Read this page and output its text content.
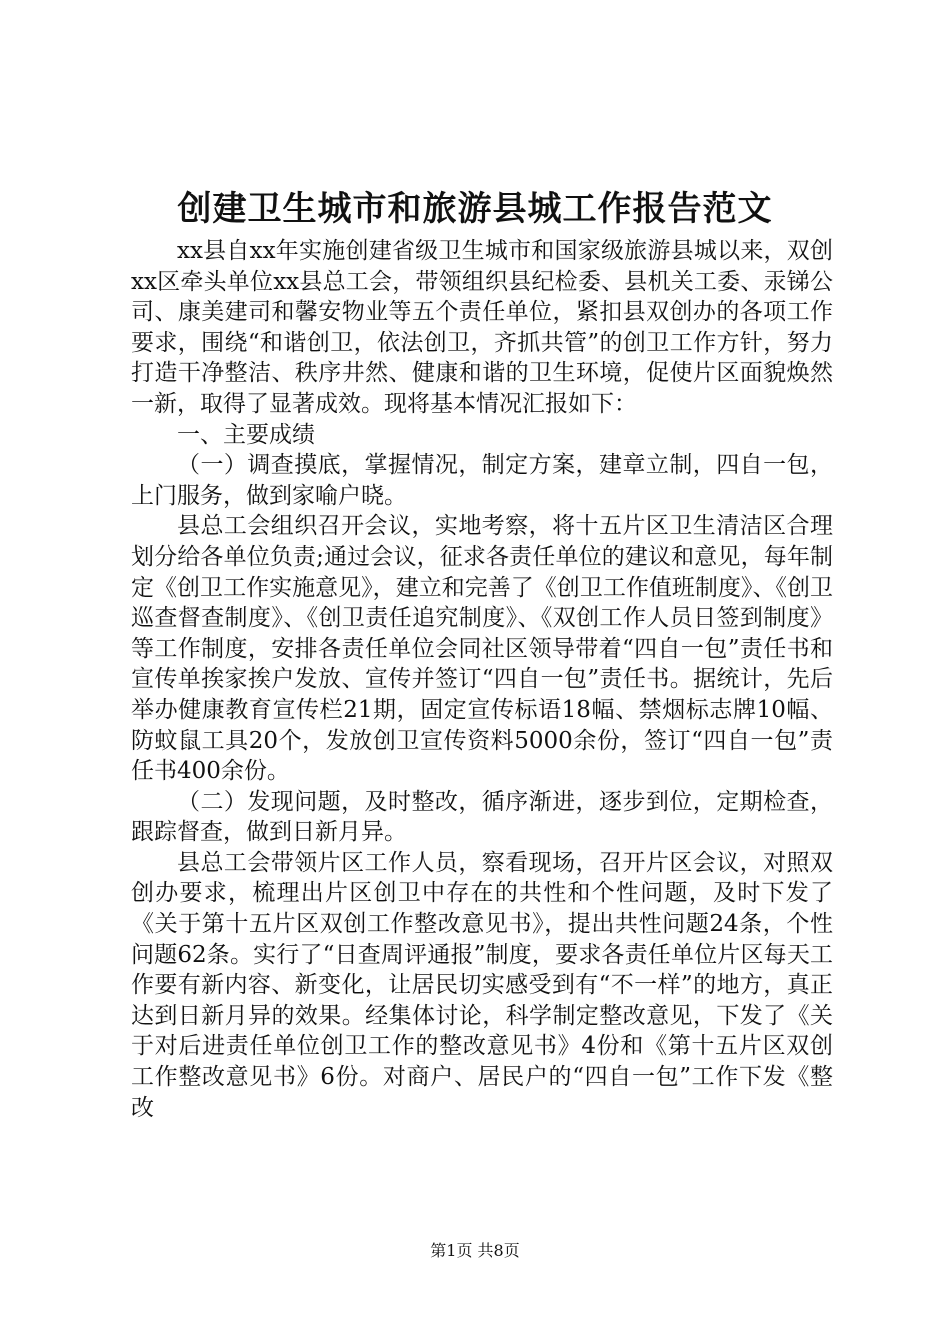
创建卫生城市和旅游县城工作报告范文

xx县自xx年实施创建省级卫生城市和国家级旅游县城以来，双创xx区牵头单位xx县总工会，带领组织县纪检委、县机关工委、汞锑公司、康美建司和馨安物业等五个责任单位，紧扣县双创办的各项工作要求，围绕“和谐创卫，依法创卫，齐抓共管”的创卫工作方针，努力打造干净整洁、秩序井然、健康和谐的卫生环境，促使片区面貌焕然一新，取得了显著成效。现将基本情况汇报如下：

一、主要成绩

（一）调查摸底，掌握情况，制定方案，建章立制，四自一包，上门服务，做到家喻户晓。

县总工会组织召开会议，实地考察，将十五片区卫生清洁区合理划分给各单位负责;通过会议，征求各责任单位的建议和意见，每年制定《创卫工作实施意见》，建立和完善了《创卫工作值班制度》、《创卫巡查督查制度》、《创卫责任追究制度》、《双创工作人员日签到制度》等工作制度，安排各责任单位会同社区领导带着“四自一包”责任书和宣传单挨家挨户发放、宣传并签订“四自一包”责任书。据统计，先后举办健康教育宣传栏21期，固定宣传标语18幅、禁烟标志牌10幅、防蚊鼠工具20个，发放创卫宣传资料5000余份，签订“四自一包”责任书400余份。

（二）发现问题，及时整改，循序渐进，逐步到位，定期检查，跟踪督查，做到日新月异。

县总工会带领片区工作人员，察看现场，召开片区会议，对照双创办要求，梳理出片区创卫中存在的共性和个性问题，及时下发了《关于第十五片区双创工作整改意见书》，提出共性问题24条，个性问题62条。实行了“日查周评通报”制度，要求各责任单位片区每天工作要有新内容、新变化，让居民切实感受到有“不一样”的地方，真正达到日新月异的效果。经集体讨论，科学制定整改意见，下发了《关于对后进责任单位创卫工作的整改意见书》4份和《第十五片区双创工作整改意见书》6份。对商户、居民户的“四自一包”工作下发《整改

第1页 共8页
